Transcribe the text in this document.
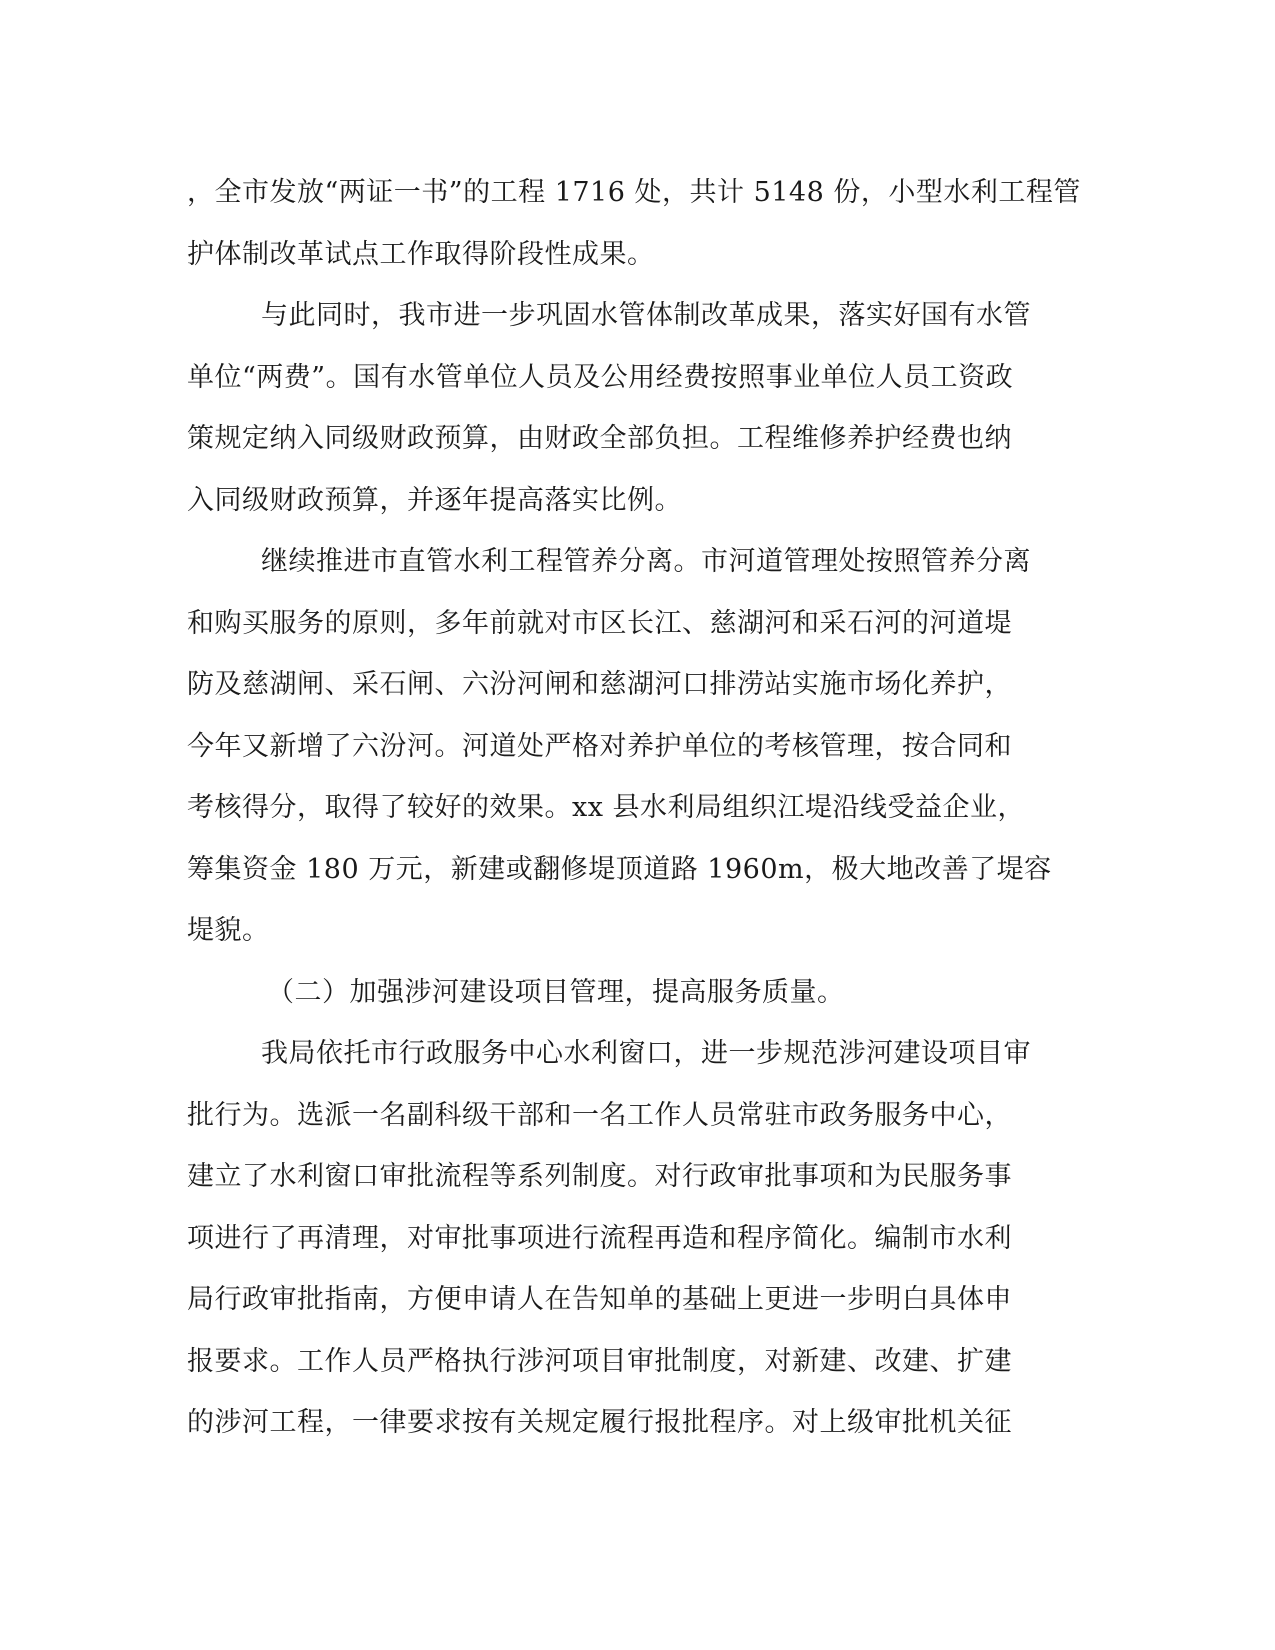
，全市发放“两证一书”的工程 1716 处，共计 5148 份，小型水利工程管
护体制改革试点工作取得阶段性成果。
与此同时，我市进一步巩固水管体制改革成果，落实好国有水管
单位“两费”。国有水管单位人员及公用经费按照事业单位人员工资政
策规定纳入同级财政预算，由财政全部负担。工程维修养护经费也纳
入同级财政预算，并逐年提高落实比例。
继续推进市直管水利工程管养分离。市河道管理处按照管养分离
和购买服务的原则，多年前就对市区长江、慈湖河和采石河的河道堤
防及慈湖闸、采石闸、六汾河闸和慈湖河口排涝站实施市场化养护，
今年又新增了六汾河。河道处严格对养护单位的考核管理，按合同和
考核得分，取得了较好的效果。xx 县水利局组织江堤沿线受益企业，
筹集资金 180 万元，新建或翻修堤顶道路 1960m，极大地改善了堤容
堤貌。
（二）加强涉河建设项目管理，提高服务质量。
我局依托市行政服务中心水利窗口，进一步规范涉河建设项目审
批行为。选派一名副科级干部和一名工作人员常驻市政务服务中心，
建立了水利窗口审批流程等系列制度。对行政审批事项和为民服务事
项进行了再清理，对审批事项进行流程再造和程序简化。编制市水利
局行政审批指南，方便申请人在告知单的基础上更进一步明白具体申
报要求。工作人员严格执行涉河项目审批制度，对新建、改建、扩建
的涉河工程，一律要求按有关规定履行报批程序。对上级审批机关征
